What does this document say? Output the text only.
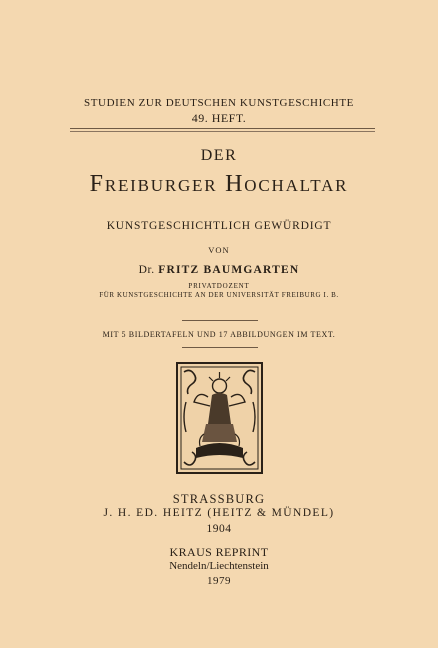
STUDIEN ZUR DEUTSCHEN KUNSTGESCHICHTE
49. HEFT.
DER
Freiburger Hochaltar
KUNSTGESCHICHTLICH GEWÜRDIGT
VON
Dr. FRITZ BAUMGARTEN
PRIVATDOZENT
FÜR KUNSTGESCHICHTE AN DER UNIVERSITÄT FREIBURG I. B.
MIT 5 BILDERTAFELN UND 17 ABBILDUNGEN IM TEXT.
STRASSBURG
J. H. ED. HEITZ (HEITZ & MÜNDEL)
1904
KRAUS REPRINT
Nendeln/Liechtenstein
1979
